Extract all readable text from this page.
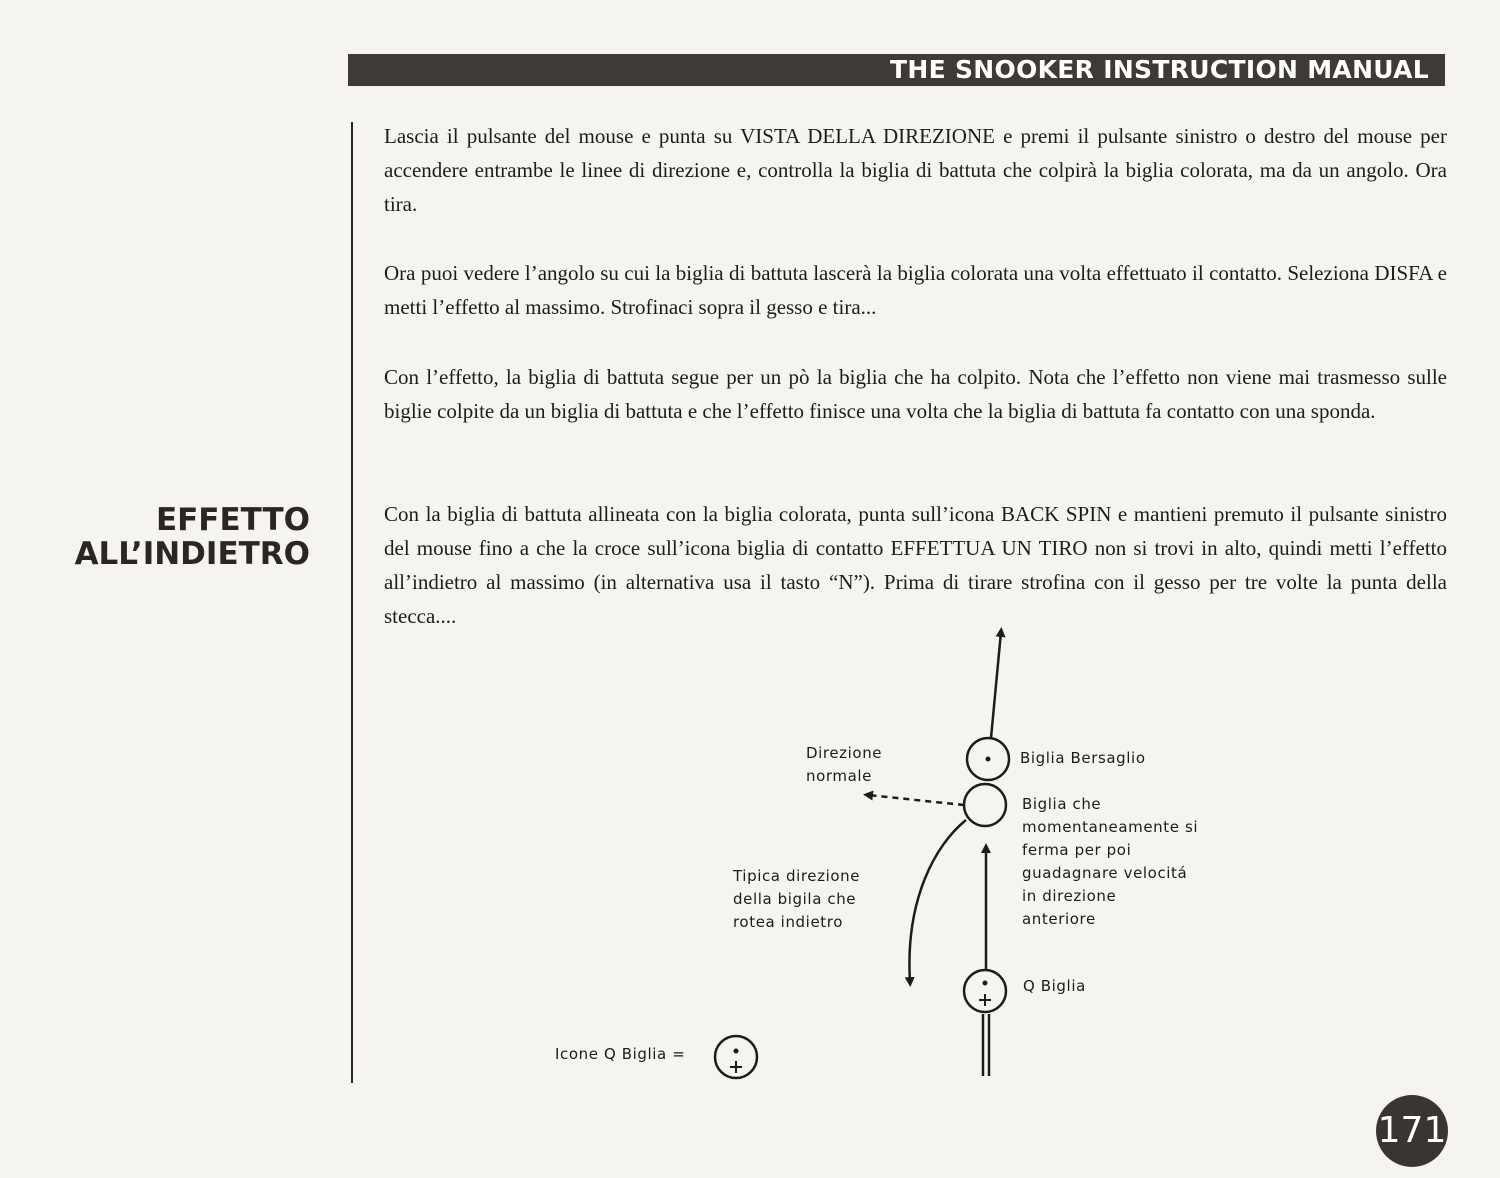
THE SNOOKER INSTRUCTION MANUAL
EFFETTO
ALL’INDIETRO

Lascia il pulsante del mouse e punta su VISTA DELLA DIREZIONE e premi il pulsante sinistro o destro del mouse per accendere entrambe le linee di direzione e, controlla la biglia di battuta che colpirà la biglia colorata, ma da un angolo. Ora tira.

Ora puoi vedere l’angolo su cui la biglia di battuta lascerà la biglia colorata una volta effettuato il contatto. Seleziona DISFA e metti l’effetto al massimo. Strofinaci sopra il gesso e tira...

Con l’effetto, la biglia di battuta segue per un pò la biglia che ha colpito. Nota che l’effetto non viene mai trasmesso sulle biglie colpite da un biglia di battuta e che l’effetto finisce una volta che la biglia di battuta fa contatto con una sponda.

Con la biglia di battuta allineata con la biglia colorata, punta sull’icona BACK SPIN e mantieni premuto il pulsante sinistro del mouse fino a che la croce sull’icona biglia di contatto EFFETTUA UN TIRO non si trovi in alto, quindi metti l’effetto all’indietro al massimo (in alternativa usa il tasto “N”). Prima di tirare strofina con il gesso per tre volte la punta della stecca....

Direzione
normale
Biglia Bersaglio
Biglia che
momentaneamente si
ferma per poi
guadagnare velocitá
in direzione
anteriore
Tipica direzione
della bigila che
rotea indietro
Q Biglia
Icone Q Biglia =
171
